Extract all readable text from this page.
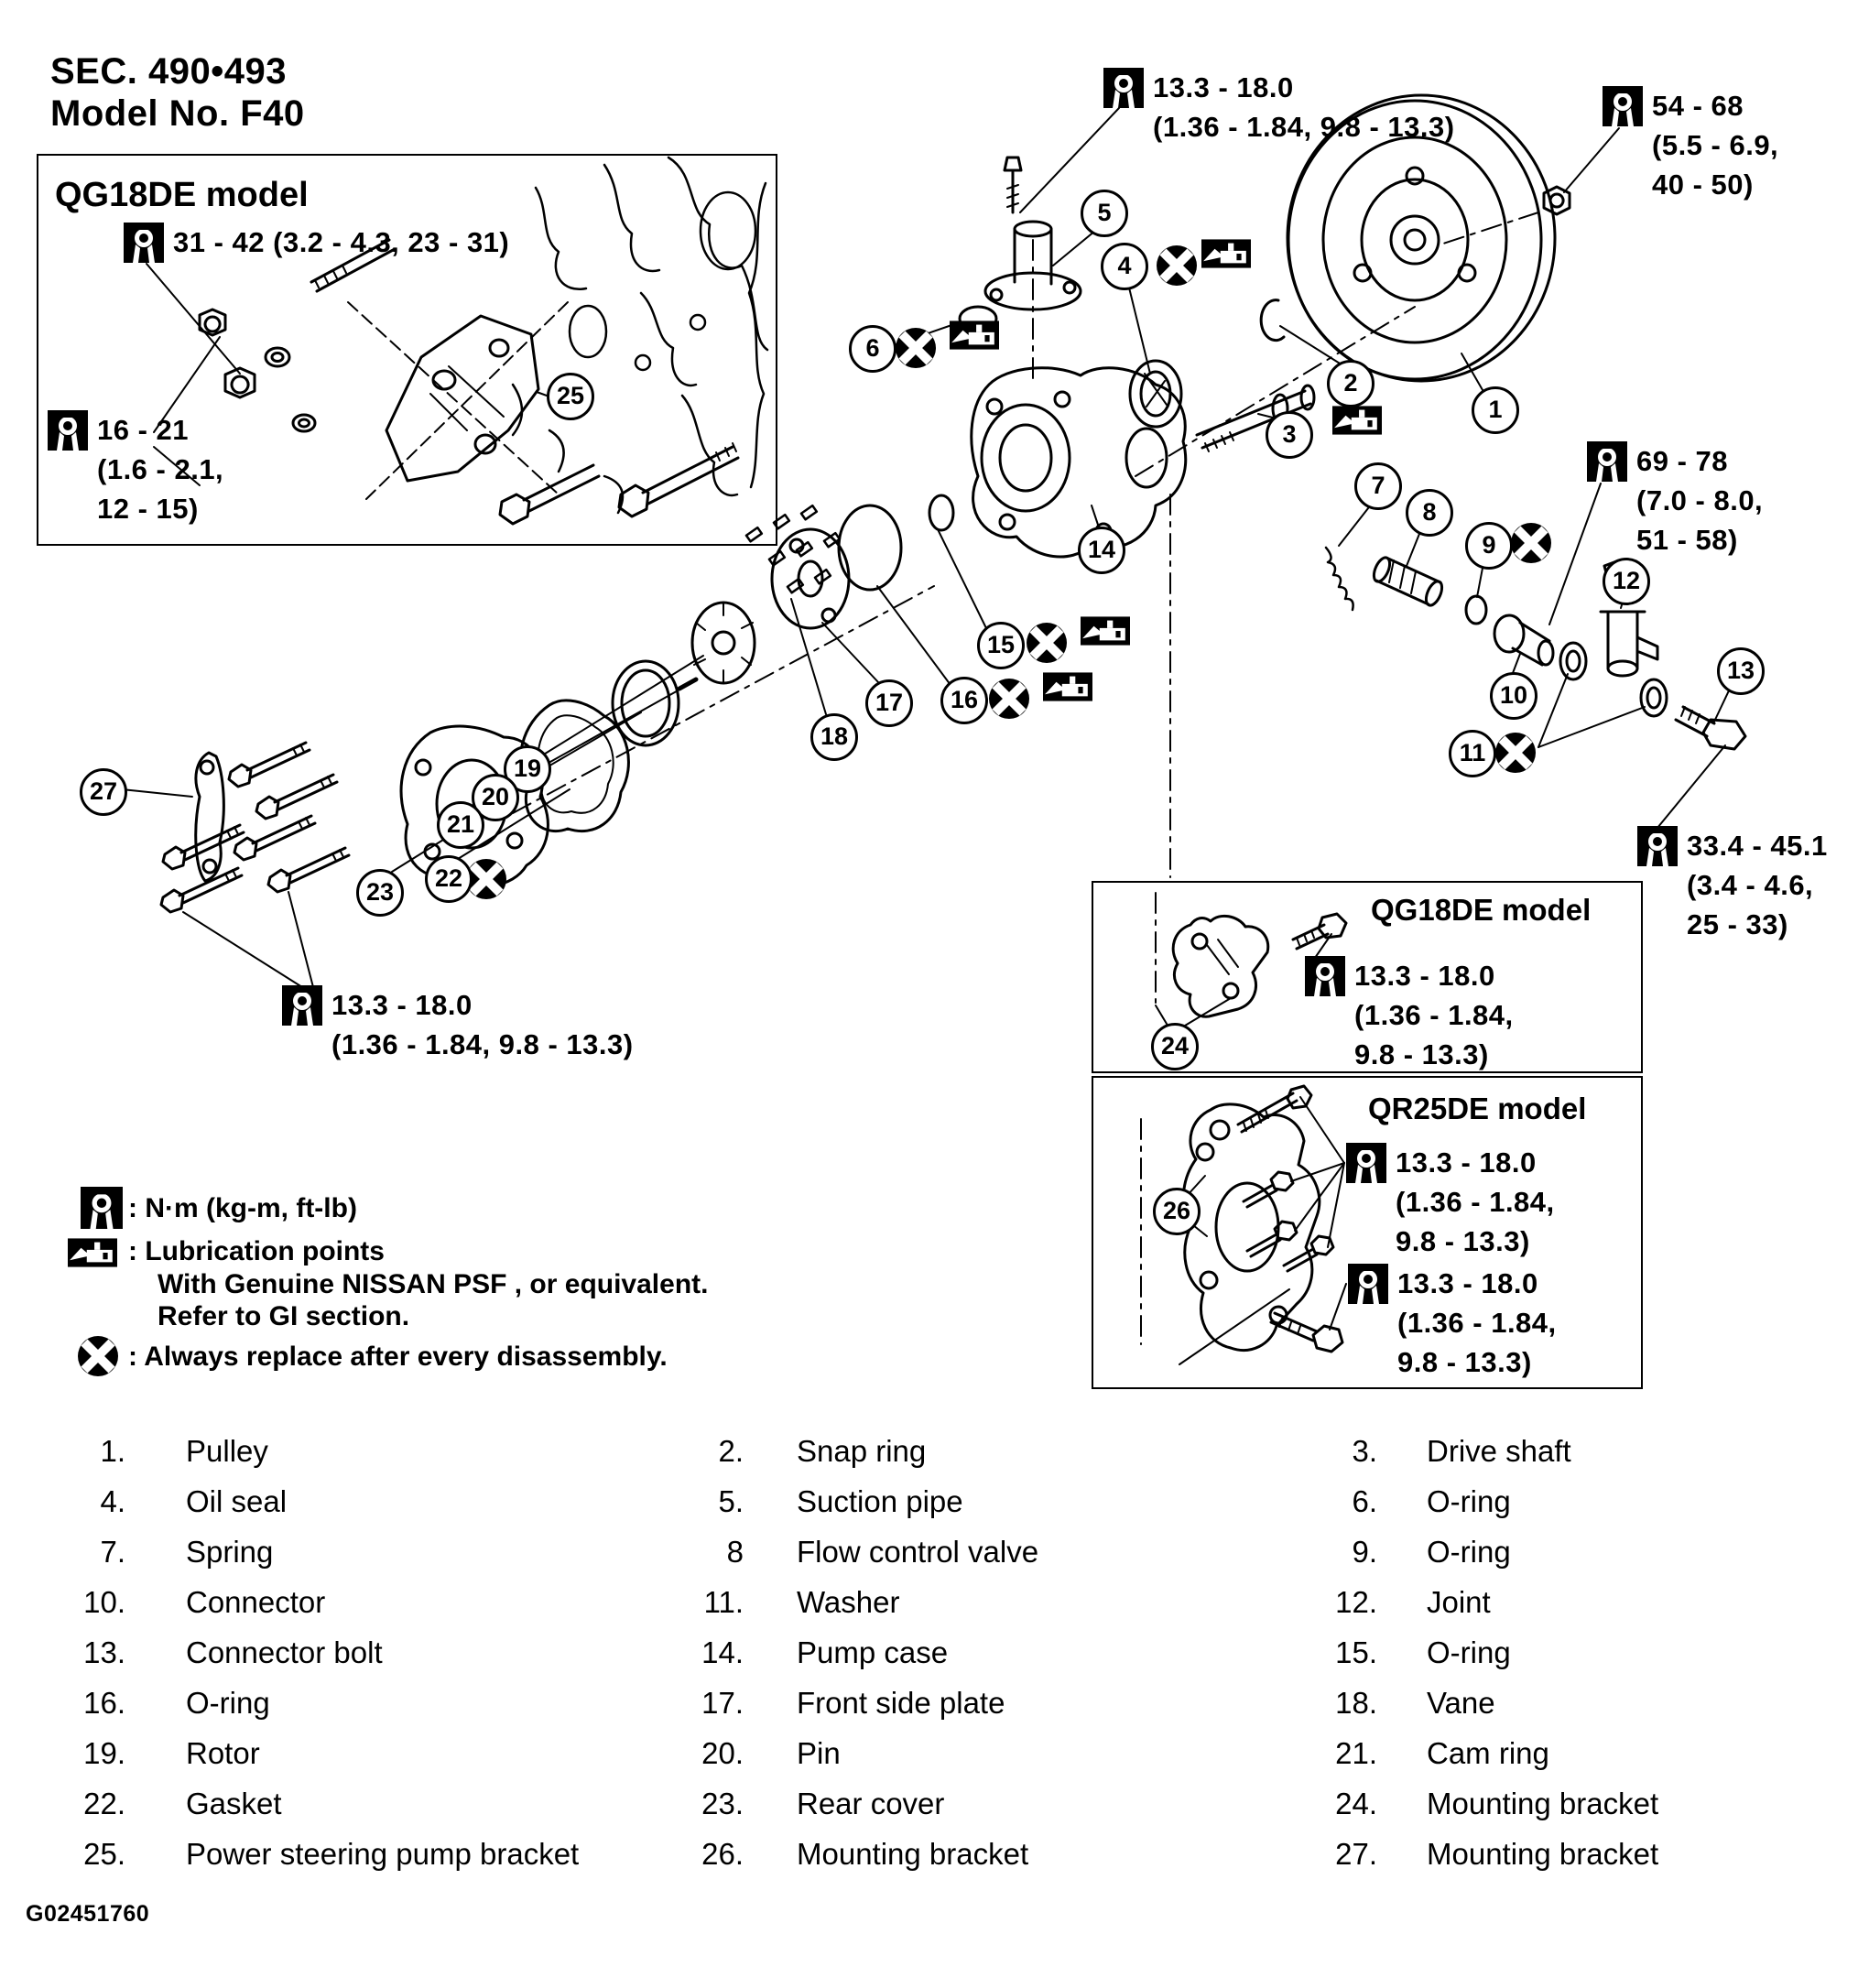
SEC. 490•493
Model No. F40
QG18DE model
QG18DE model
QR25DE model
: N·m (kg-m, ft-lb)
: Lubrication points
With Genuine NISSAN PSF , or equivalent.
Refer to GI section.
: Always replace after every disassembly.
31 - 42 (3.2 - 4.3, 23 - 31)
16 - 21
(1.6 - 2.1,
12 - 15)
13.3 - 18.0
(1.36 - 1.84, 9.8 - 13.3)
54 - 68
(5.5 - 6.9,
40 - 50)
69 - 78
(7.0 - 8.0,
51 - 58)
33.4 - 45.1
(3.4 - 4.6,
25 - 33)
13.3 - 18.0
(1.36 - 1.84, 9.8 - 13.3)
13.3 - 18.0
(1.36 - 1.84,
9.8 - 13.3)
13.3 - 18.0
(1.36 - 1.84,
9.8 - 13.3)
13.3 - 18.0
(1.36 - 1.84,
9.8 - 13.3)
1
2
3
4
5
6
7
8
9
10
11
12
13
14
15
16
17
18
19
20
21
22
23
24
25
26
27
1. Pulley	2. Snap ring	3. Drive shaft
4. Oil seal	5. Suction pipe	6. O-ring
7. Spring	8 Flow control valve	9. O-ring
10. Connector	11. Washer	12. Joint
13. Connector bolt	14. Pump case	15. O-ring
16. O-ring	17. Front side plate	18. Vane
19. Rotor	20. Pin	21. Cam ring
22. Gasket	23. Rear cover	24. Mounting bracket
25. Power steering pump bracket	26. Mounting bracket	27. Mounting bracket
G02451760
